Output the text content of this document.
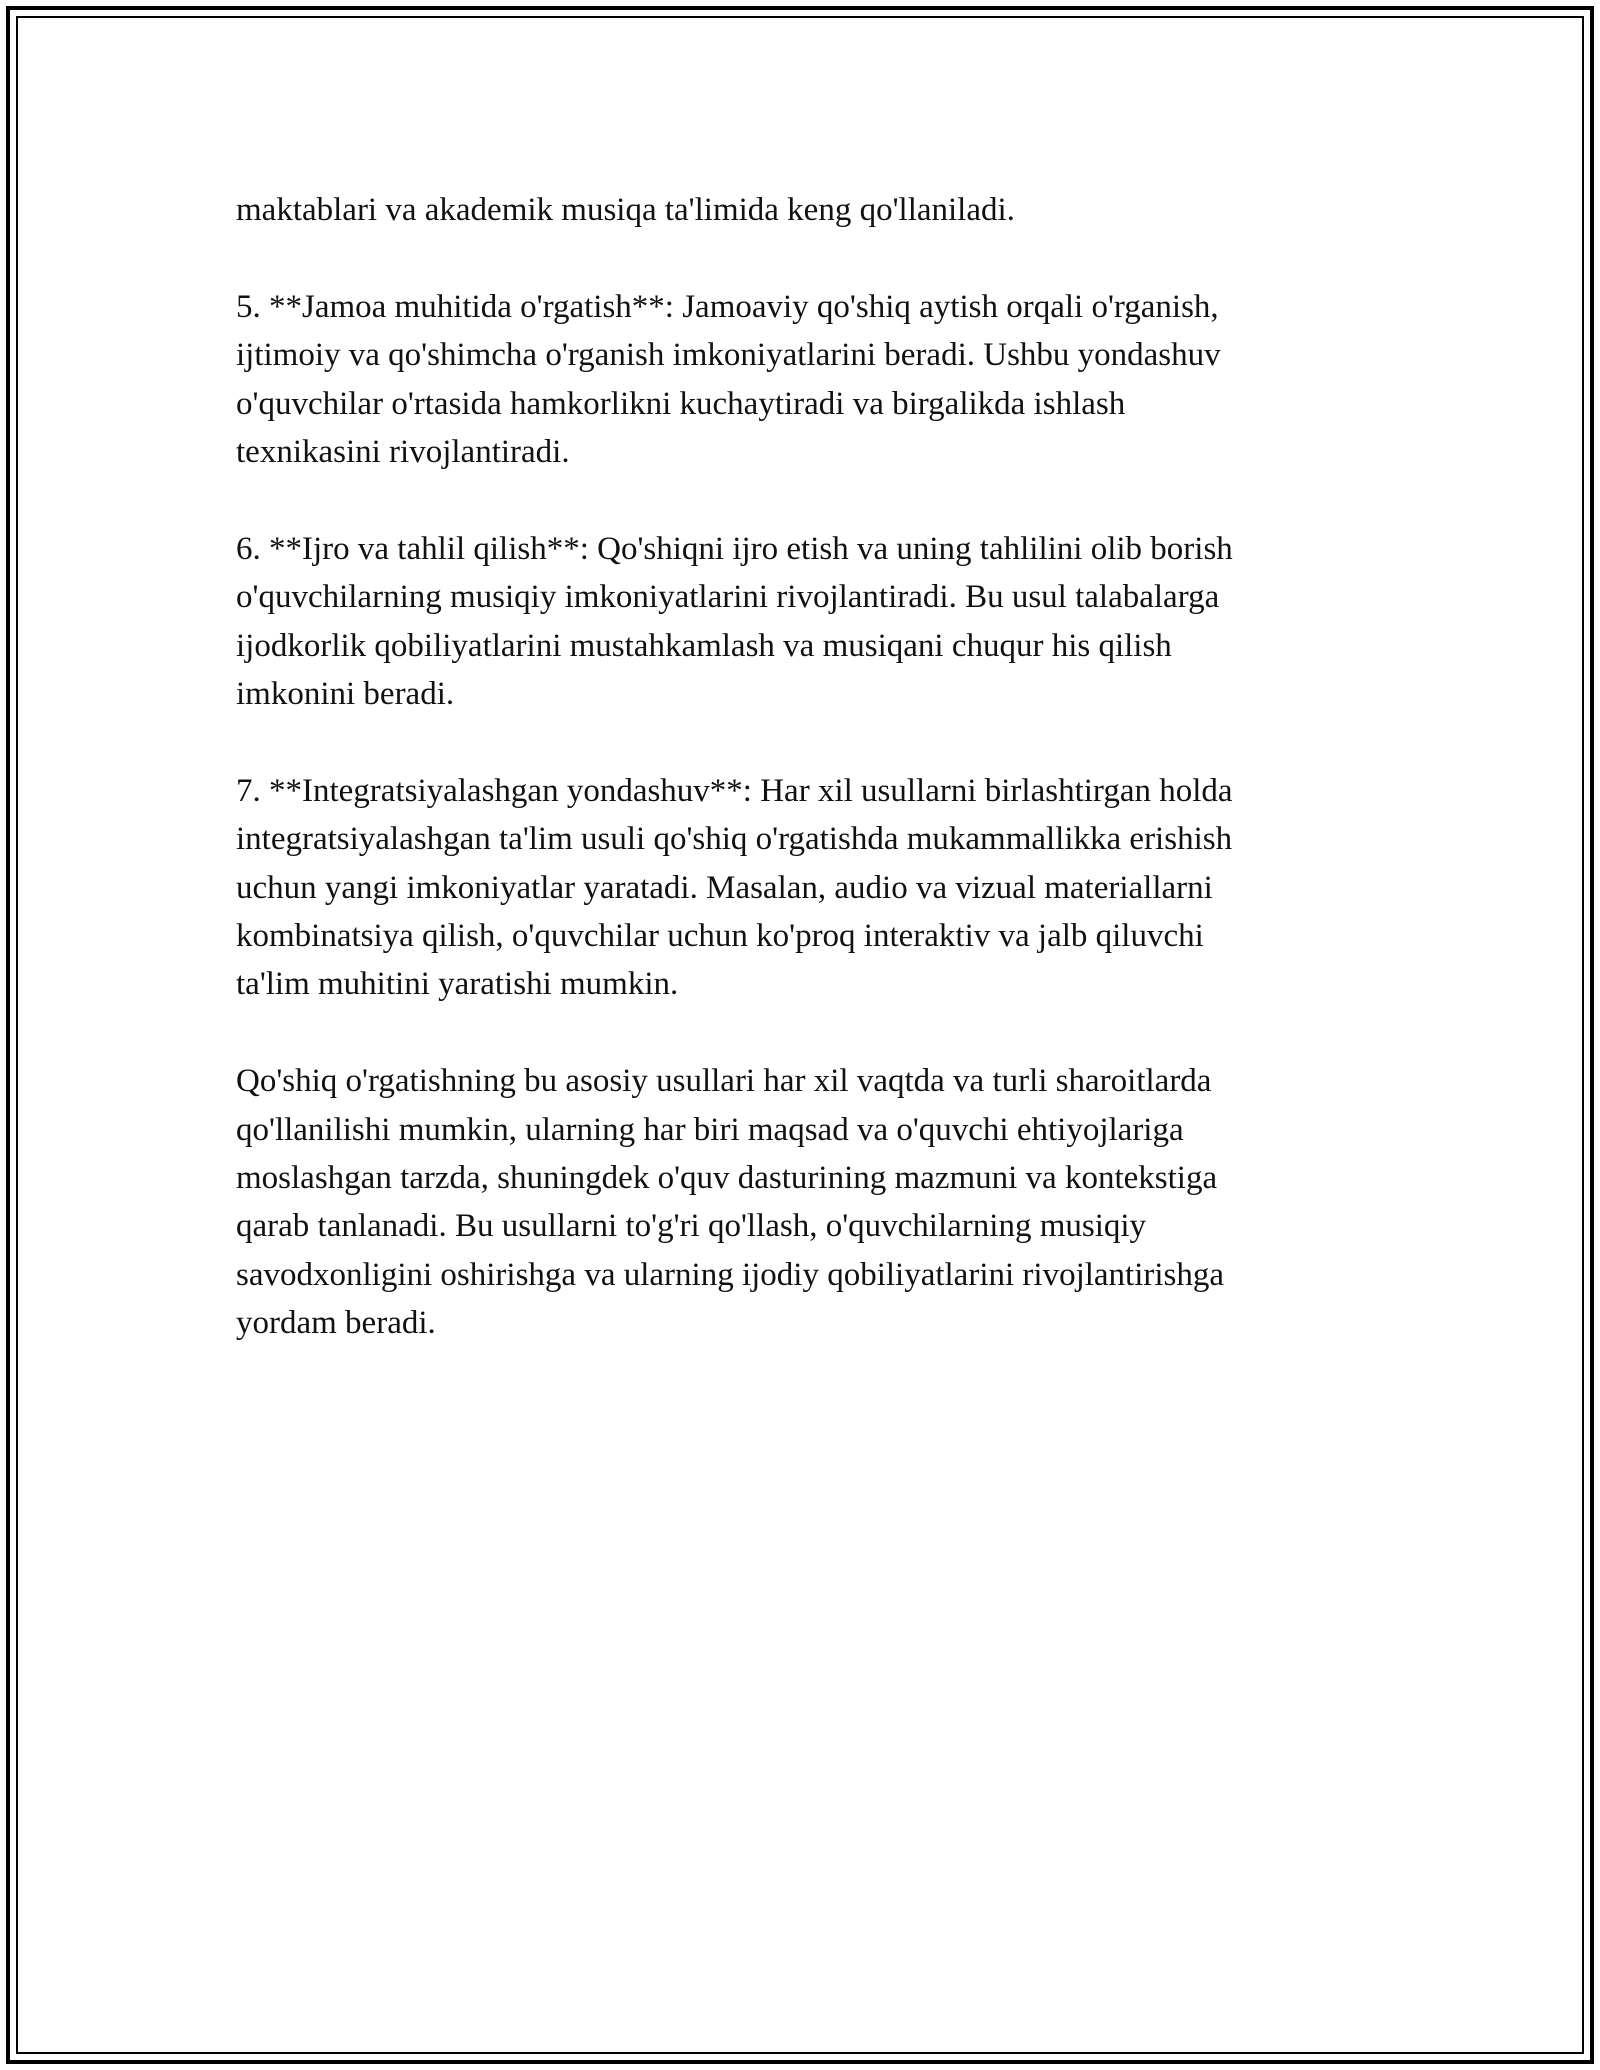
maktablari va akademik musiqa ta'limida keng qo'llaniladi.

5. **Jamoa muhitida o'rgatish**: Jamoaviy qo'shiq aytish orqali o'rganish,
ijtimoiy va qo'shimcha o'rganish imkoniyatlarini beradi. Ushbu yondashuv
o'quvchilar o'rtasida hamkorlikni kuchaytiradi va birgalikda ishlash
texnikasini rivojlantiradi.

6. **Ijro va tahlil qilish**: Qo'shiqni ijro etish va uning tahlilini olib borish
o'quvchilarning musiqiy imkoniyatlarini rivojlantiradi. Bu usul talabalarga
ijodkorlik qobiliyatlarini mustahkamlash va musiqani chuqur his qilish
imkonini beradi.

7. **Integratsiyalashgan yondashuv**: Har xil usullarni birlashtirgan holda
integratsiyalashgan ta'lim usuli qo'shiq o'rgatishda mukammallikka erishish
uchun yangi imkoniyatlar yaratadi. Masalan, audio va vizual materiallarni
kombinatsiya qilish, o'quvchilar uchun ko'proq interaktiv va jalb qiluvchi
ta'lim muhitini yaratishi mumkin.

Qo'shiq o'rgatishning bu asosiy usullari har xil vaqtda va turli sharoitlarda
qo'llanilishi mumkin, ularning har biri maqsad va o'quvchi ehtiyojlariga
moslashgan tarzda, shuningdek o'quv dasturining mazmuni va kontekstiga
qarab tanlanadi. Bu usullarni to'g'ri qo'llash, o'quvchilarning musiqiy
savodxonligini oshirishga va ularning ijodiy qobiliyatlarini rivojlantirishga
yordam beradi.
